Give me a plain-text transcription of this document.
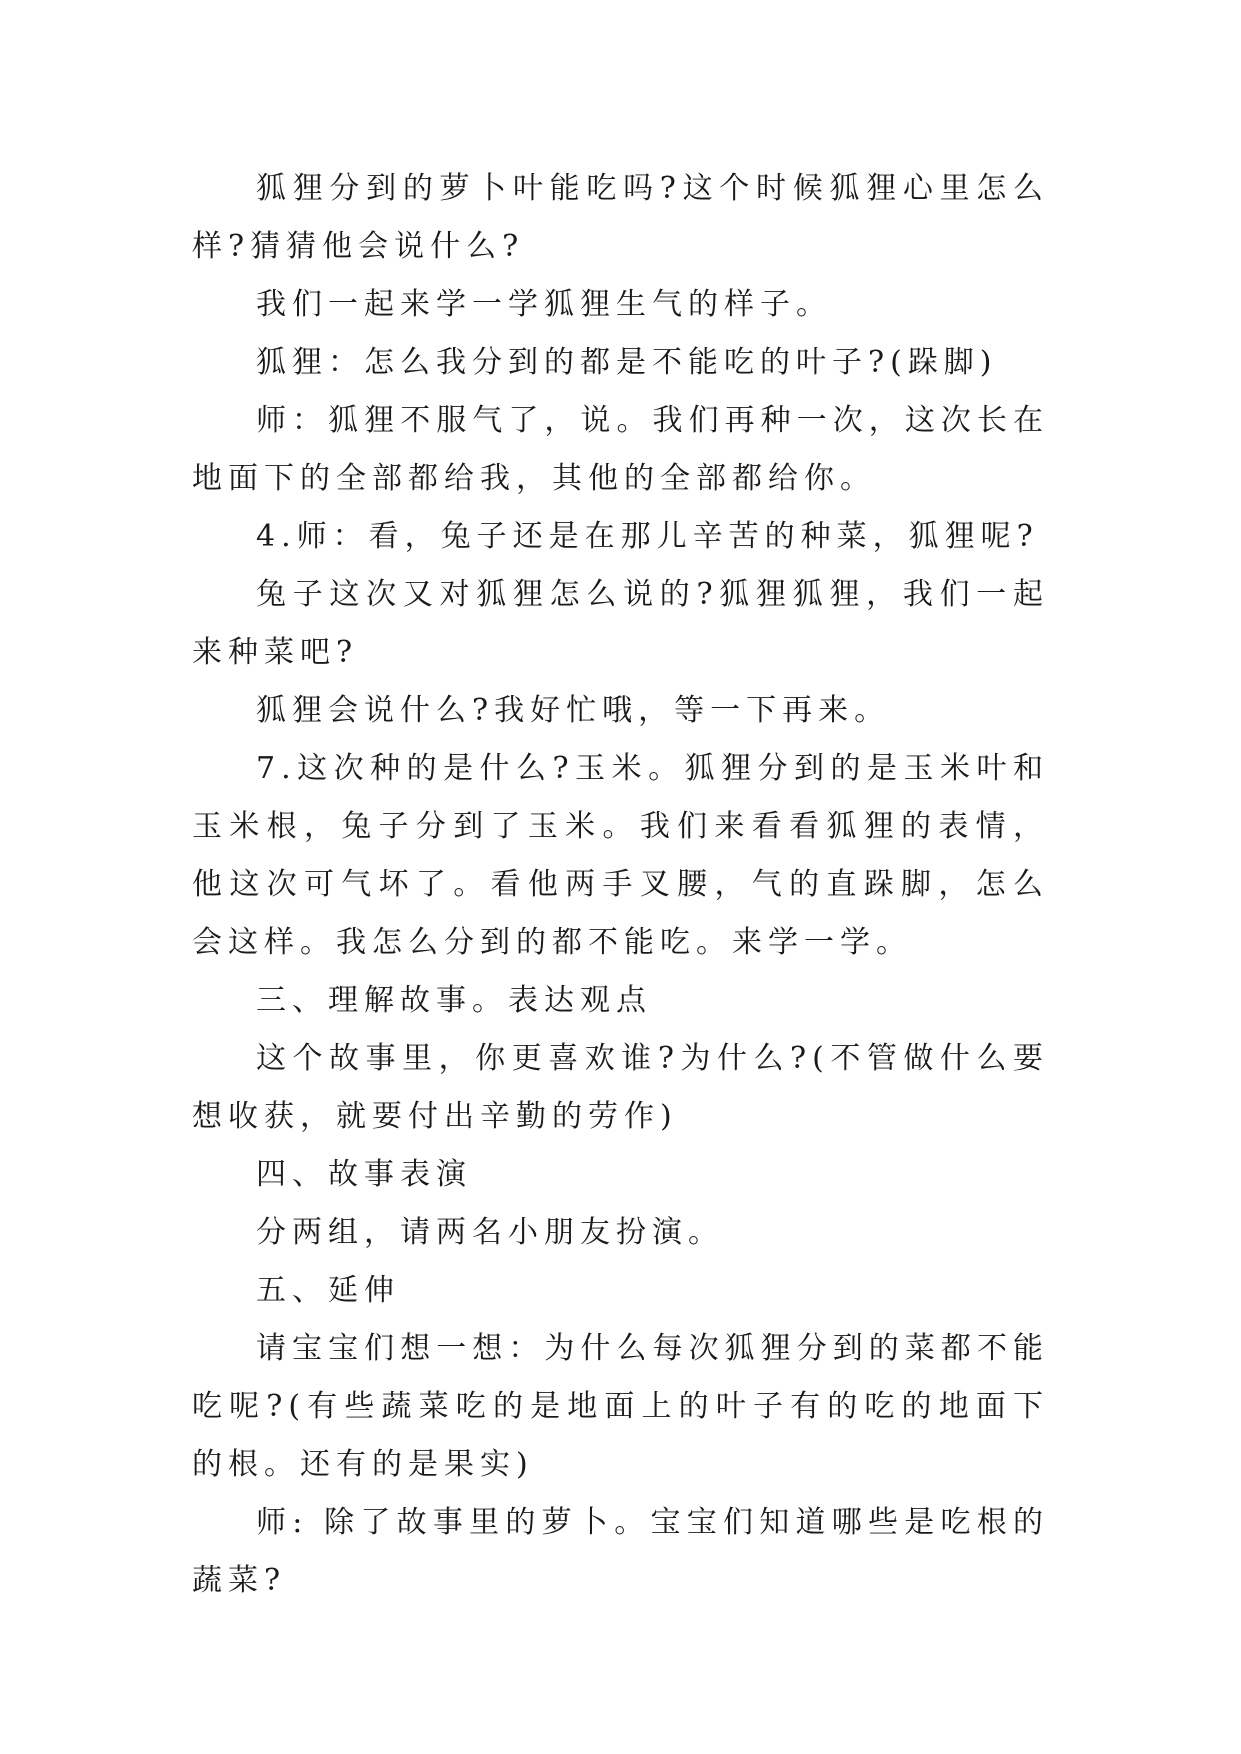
狐狸分到的萝卜叶能吃吗?这个时候狐狸心里怎么样?猜猜他会说什么?

我们一起来学一学狐狸生气的样子。

狐狸：怎么我分到的都是不能吃的叶子?(跺脚)

师：狐狸不服气了，说。我们再种一次，这次长在地面下的全部都给我，其他的全部都给你。

4.师：看，兔子还是在那儿辛苦的种菜，狐狸呢?

兔子这次又对狐狸怎么说的?狐狸狐狸，我们一起来种菜吧?

狐狸会说什么?我好忙哦，等一下再来。

7.这次种的是什么?玉米。狐狸分到的是玉米叶和玉米根，兔子分到了玉米。我们来看看狐狸的表情，他这次可气坏了。看他两手叉腰，气的直跺脚，怎么会这样。我怎么分到的都不能吃。来学一学。

三、理解故事。表达观点

这个故事里，你更喜欢谁?为什么?(不管做什么要想收获，就要付出辛勤的劳作)

四、故事表演

分两组，请两名小朋友扮演。

五、延伸

请宝宝们想一想：为什么每次狐狸分到的菜都不能吃呢?(有些蔬菜吃的是地面上的叶子有的吃的地面下的根。还有的是果实)

师: 除了故事里的萝卜。宝宝们知道哪些是吃根的蔬菜?
